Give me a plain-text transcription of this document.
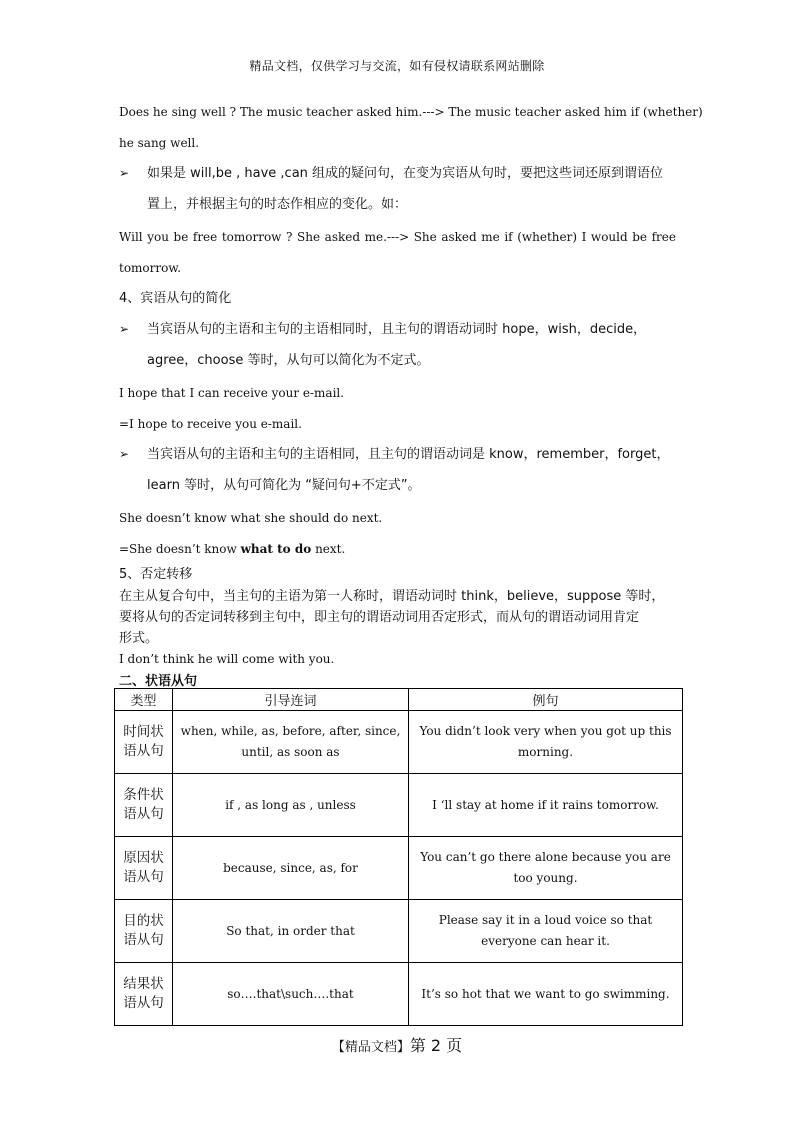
精品文档，仅供学习与交流，如有侵权请联系网站删除
Does he sing well ? The music teacher asked him.---> The music teacher asked him if (whether)
he sang well.
➢ 如果是 will,be , have ,can 组成的疑问句，在变为宾语从句时，要把这些词还原到谓语位
置上，并根据主句的时态作相应的变化。如：
Will you be free tomorrow ? She asked me.---> She asked me if (whether) I would be free
tomorrow.
4、宾语从句的简化
➢ 当宾语从句的主语和主句的主语相同时，且主句的谓语动词时 hope，wish，decide，
agree，choose 等时，从句可以简化为不定式。
I hope that I can receive your e-mail.
=I hope to receive you e-mail.
➢ 当宾语从句的主语和主句的主语相同，且主句的谓语动词是 know，remember，forget，
learn 等时，从句可简化为 “疑问句+不定式”。
She doesn’t know what she should do next.
=She doesn’t know what to do next.
5、否定转移
在主从复合句中，当主句的主语为第一人称时，谓语动词时 think，believe，suppose 等时，
要将从句的否定词转移到主句中，即主句的谓语动词用否定形式，而从句的谓语动词用肯定
形式。
I don’t think he will come with you.
二、状语从句
类型	引导连词	例句
时间状语从句	when, while, as, before, after, since, until, as soon as	You didn’t look very when you got up this morning.
条件状语从句	if , as long as , unless	I ‘ll stay at home if it rains tomorrow.
原因状语从句	because, since, as, for	You can’t go there alone because you are too young.
目的状语从句	So that, in order that	Please say it in a loud voice so that everyone can hear it.
结果状语从句	so….that\such….that	It’s so hot that we want to go swimming.
【精品文档】第 2 页
